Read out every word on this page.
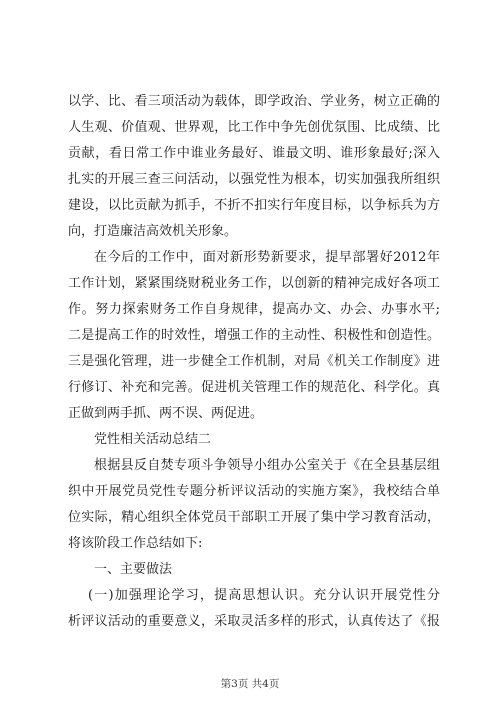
以学、比、看三项活动为载体，即学政治、学业务，树立正确的
人生观、价值观、世界观，比工作中争先创优氛围、比成绩、比
贡献，看日常工作中谁业务最好、谁最文明、谁形象最好;深入
扎实的开展三查三问活动，以强党性为根本，切实加强我所组织
建设，以比贡献为抓手，不折不扣实行年度目标，以争标兵为方
向，打造廉洁高效机关形象。
在今后的工作中，面对新形势新要求，提早部署好2012年
工作计划，紧紧围绕财税业务工作，以创新的精神完成好各项工
作。努力探索财务工作自身规律，提高办文、办会、办事水平;
二是提高工作的时效性，增强工作的主动性、积极性和创造性。
三是强化管理，进一步健全工作机制，对局《机关工作制度》进
行修订、补充和完善。促进机关管理工作的规范化、科学化。真
正做到两手抓、两不误、两促进。
党性相关活动总结二
根据县反自焚专项斗争领导小组办公室关于《在全县基层组
织中开展党员党性专题分析评议活动的实施方案》，我校结合单
位实际，精心组织全体党员干部职工开展了集中学习教育活动，
将该阶段工作总结如下:
一、主要做法
(一)加强理论学习，提高思想认识。充分认识开展党性分
析评议活动的重要意义，采取灵活多样的形式，认真传达了《报
第3页 共4页
